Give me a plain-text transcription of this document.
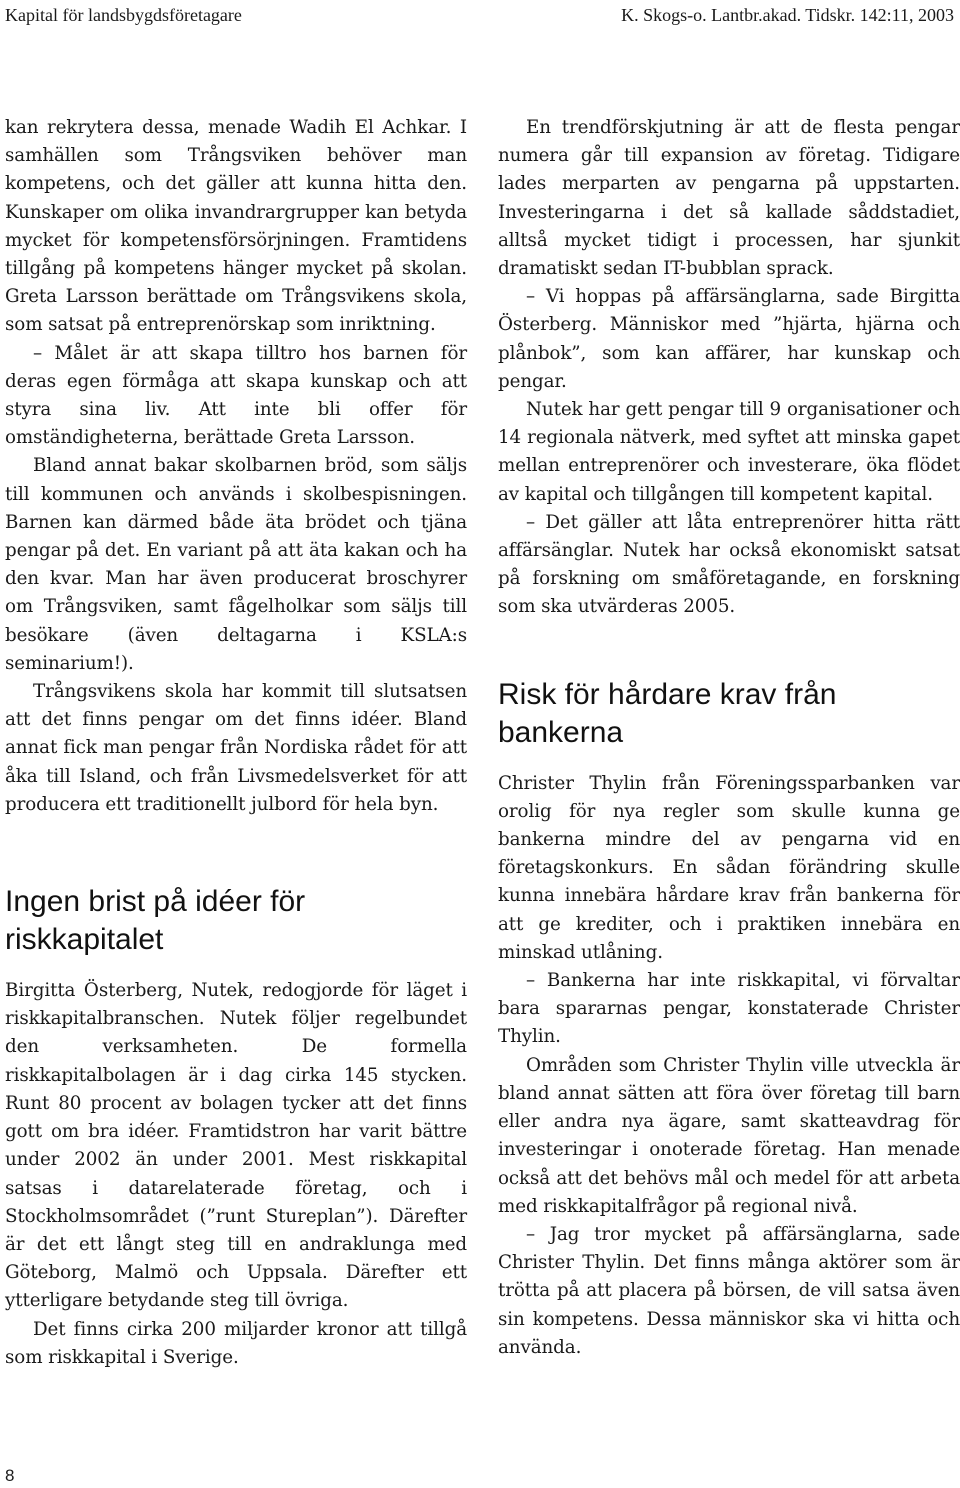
Kapital för landsbygdsföretagare	K. Skogs-o. Lantbr.akad. Tidskr. 142:11, 2003

kan rekrytera dessa, menade Wadih El Achkar. I samhällen som Trångsviken behöver man kompetens, och det gäller att kunna hitta den. Kunskaper om olika invandrargrupper kan betyda mycket för kompetensförsörjningen. Framtidens tillgång på kompetens hänger mycket på skolan. Greta Larsson berättade om Trångsvikens skola, som satsat på entreprenörskap som inriktning.

– Målet är att skapa tilltro hos barnen för deras egen förmåga att skapa kunskap och att styra sina liv. Att inte bli offer för omständigheterna, berättade Greta Larsson.

Bland annat bakar skolbarnen bröd, som säljs till kommunen och används i skolbespisningen. Barnen kan därmed både äta brödet och tjäna pengar på det. En variant på att äta kakan och ha den kvar. Man har även producerat broschyrer om Trångsviken, samt fågelholkar som säljs till besökare (även deltagarna i KSLA:s seminarium!).

Trångsvikens skola har kommit till slutsatsen att det finns pengar om det finns idéer. Bland annat fick man pengar från Nordiska rådet för att åka till Island, och från Livsmedelsverket för att producera ett traditionellt julbord för hela byn.

Ingen brist på idéer för riskkapitalet

Birgitta Österberg, Nutek, redogjorde för läget i riskkapitalbranschen. Nutek följer regelbundet den verksamheten. De formella riskkapitalbolagen är i dag cirka 145 stycken. Runt 80 procent av bolagen tycker att det finns gott om bra idéer. Framtidstron har varit bättre under 2002 än under 2001. Mest riskkapital satsas i datarelaterade företag, och i Stockholmsområdet (”runt Stureplan”). Därefter är det ett långt steg till en andraklunga med Göteborg, Malmö och Uppsala. Därefter ett ytterligare betydande steg till övriga.

Det finns cirka 200 miljarder kronor att tillgå som riskkapital i Sverige.

En trendförskjutning är att de flesta pengar numera går till expansion av företag. Tidigare lades merparten av pengarna på uppstarten. Investeringarna i det så kallade såddstadiet, alltså mycket tidigt i processen, har sjunkit dramatiskt sedan IT-bubblan sprack.

– Vi hoppas på affärsänglarna, sade Birgitta Österberg. Människor med ”hjärta, hjärna och plånbok”, som kan affärer, har kunskap och pengar.

Nutek har gett pengar till 9 organisationer och 14 regionala nätverk, med syftet att minska gapet mellan entreprenörer och investerare, öka flödet av kapital och tillgången till kompetent kapital.

– Det gäller att låta entreprenörer hitta rätt affärsänglar. Nutek har också ekonomiskt satsat på forskning om småföretagande, en forskning som ska utvärderas 2005.

Risk för hårdare krav från bankerna

Christer Thylin från Föreningssparbanken var orolig för nya regler som skulle kunna ge bankerna mindre del av pengarna vid en företagskonkurs. En sådan förändring skulle kunna innebära hårdare krav från bankerna för att ge krediter, och i praktiken innebära en minskad utlåning.

– Bankerna har inte riskkapital, vi förvaltar bara spararnas pengar, konstaterade Christer Thylin.

Områden som Christer Thylin ville utveckla är bland annat sätten att föra över företag till barn eller andra nya ägare, samt skatteavdrag för investeringar i onoterade företag. Han menade också att det behövs mål och medel för att arbeta med riskkapitalfrågor på regional nivå.

– Jag tror mycket på affärsänglarna, sade Christer Thylin. Det finns många aktörer som är trötta på att placera på börsen, de vill satsa även sin kompetens. Dessa människor ska vi hitta och använda.

8
